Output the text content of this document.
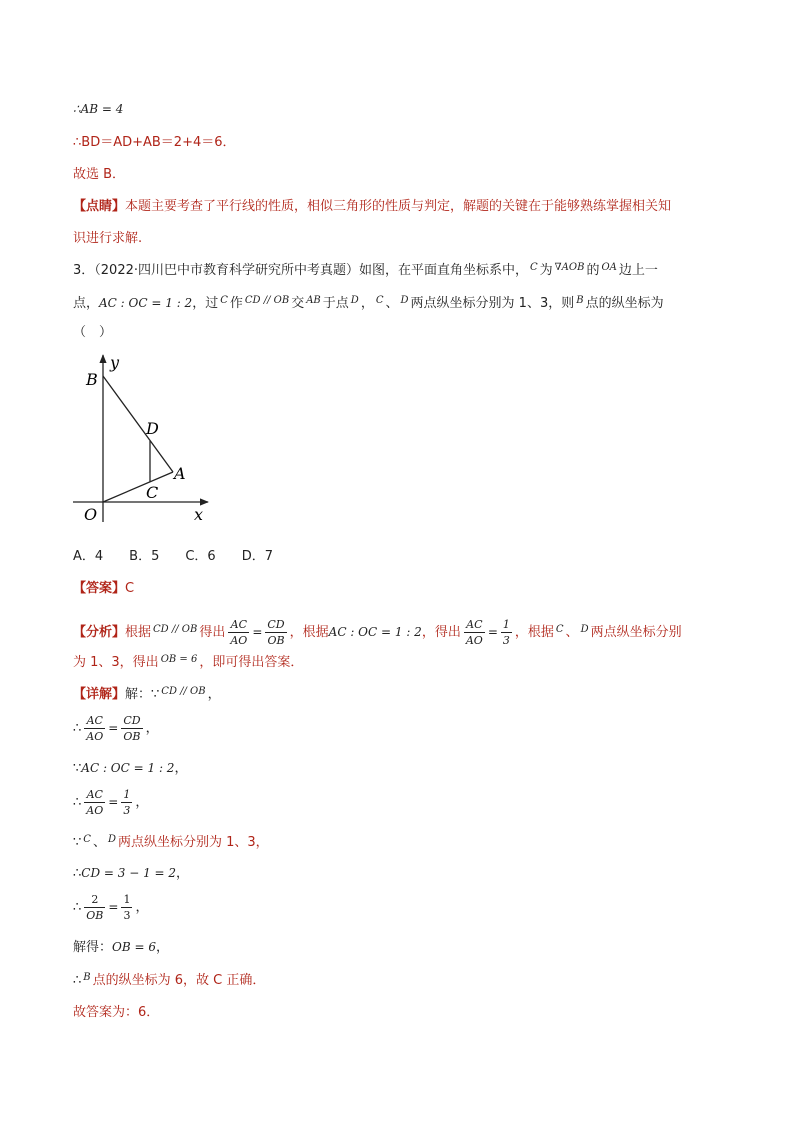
∴AB = 4
∴BD＝AD+AB＝2+4＝6．
故选 B．
【点睛】本题主要考查了平行线的性质，相似三角形的性质与判定，解题的关键在于能够熟练掌握相关知
识进行求解.
3．（2022·四川巴中市教育科学研究所中考真题）如图，在平面直角坐标系中， $^C$ 为 $^{\nabla AOB}$ 的 $^{OA}$ 边上一
点，AC : OC = 1 : 2，过 $^C$ 作 $^{CD // OB}$ 交 $^{AB}$ 于点 $^D$ ， $^C$ 、 $^D$ 两点纵坐标分别为 1、3，则 $^B$ 点的纵坐标为
（　）
y
B
D
A
C
O	x
A．4　　B．5　　C．6　　D．7
【答案】C
【分析】根据 $^{CD // OB}$ 得出 $\frac{AC}{AO} = \frac{CD}{OB}$ ，根据AC : OC = 1 : 2，得出 $\frac{AC}{AO} = \frac{1}{3}$ ，根据 $^C$ 、 $^D$ 两点纵坐标分别
为 1、3，得出 $^{OB = 6}$ ，即可得出答案．
【详解】解：∵ $^{CD // OB}$ ，
∴ $\frac{AC}{AO} = \frac{CD}{OB}$ ，
∵AC : OC = 1 : 2，
∴ $\frac{AC}{AO} = \frac{1}{3}$ ，
∵ $^C$ 、 $^D$ 两点纵坐标分别为 1、3，
∴CD = 3 − 1 = 2，
∴ $\frac{2}{OB} = \frac{1}{3}$ ，
解得：OB = 6，
∴ $^B$ 点的纵坐标为 6，故 C 正确．
故答案为：6．
